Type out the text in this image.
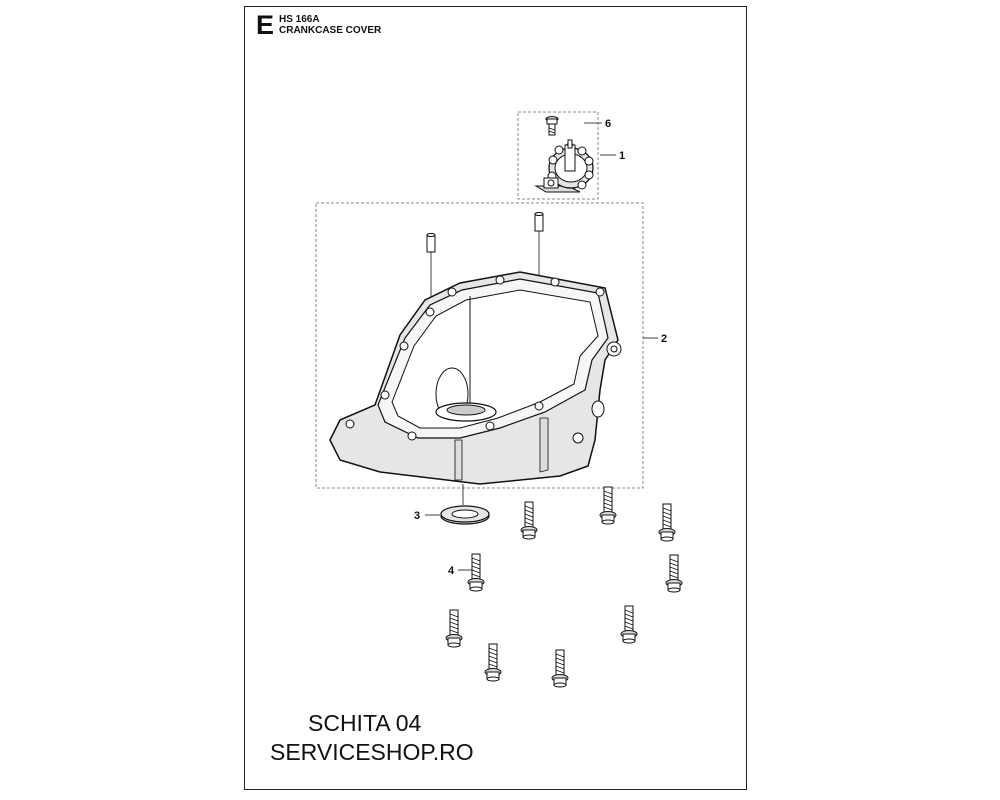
E HS 166A
CRANKCASE COVER
6
1
2
3
4
SCHITA 04
SERVICESHOP.RO
